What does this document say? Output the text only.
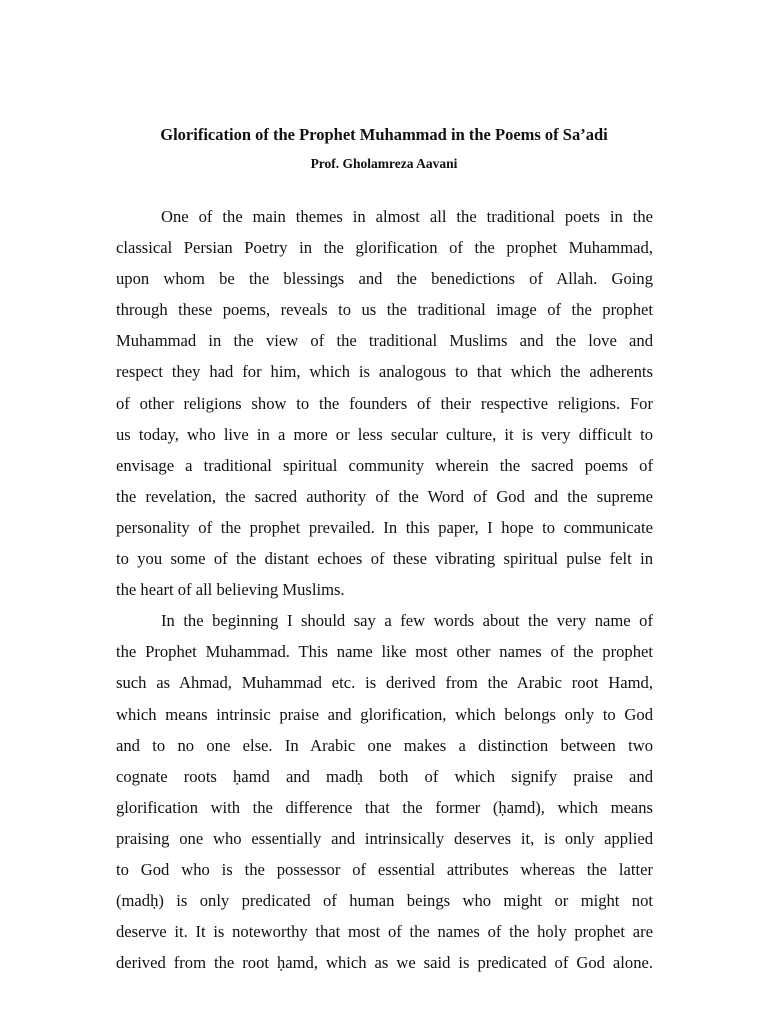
Glorification of the Prophet Muhammad in the Poems of Sa’adi
Prof. Gholamreza Aavani
One of the main themes in almost all the traditional poets in the
classical Persian Poetry in the glorification of the prophet Muhammad,
upon whom be the blessings and the benedictions of Allah. Going
through these poems, reveals to us the traditional image of the prophet
Muhammad in the view of the traditional Muslims and the love and
respect they had for him, which is analogous to that which the adherents
of other religions show to the founders of their respective religions. For
us today, who live in a more or less secular culture, it is very difficult to
envisage a traditional spiritual community wherein the sacred poems of
the revelation, the sacred authority of the Word of God and the supreme
personality of the prophet prevailed. In this paper, I hope to communicate
to you some of the distant echoes of these vibrating spiritual pulse felt in
the heart of all believing Muslims.
In the beginning I should say a few words about the very name of
the Prophet Muhammad. This name like most other names of the prophet
such as Ahmad, Muhammad etc. is derived from the Arabic root Hamd,
which means intrinsic praise and glorification, which belongs only to God
and to no one else. In Arabic one makes a distinction between two
cognate roots ḥamd and madḥ both of which signify praise and
glorification with the difference that the former (ḥamd), which means
praising one who essentially and intrinsically deserves it, is only applied
to God who is the possessor of essential attributes whereas the latter
(madḥ) is only predicated of human beings who might or might not
deserve it. It is noteworthy that most of the names of the holy prophet are
derived from the root ḥamd, which as we said is predicated of God alone.
